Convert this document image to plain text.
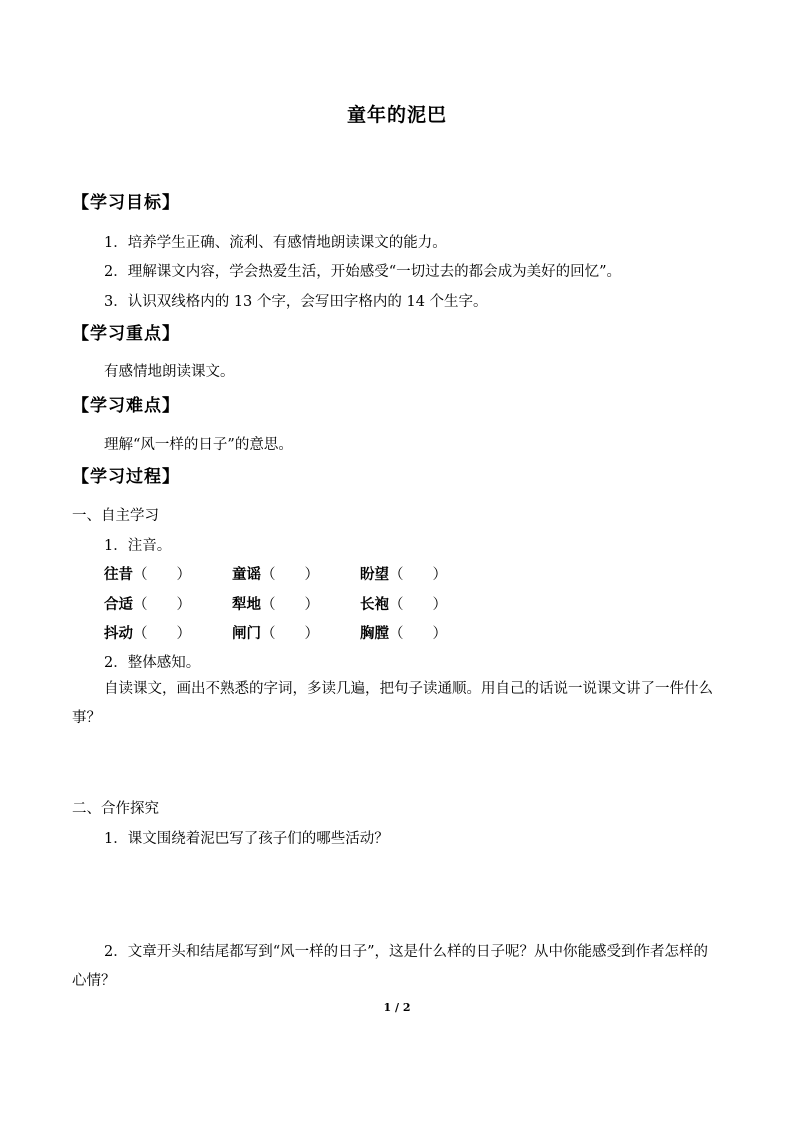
童年的泥巴
【学习目标】
1．培养学生正确、流利、有感情地朗读课文的能力。
2．理解课文内容，学会热爱生活，开始感受“一切过去的都会成为美好的回忆”。
3．认识双线格内的 13 个字，会写田字格内的 14 个生字。
【学习重点】
有感情地朗读课文。
【学习难点】
理解“风一样的日子”的意思。
【学习过程】
一、自主学习
1．注音。
往昔（　　）	童谣（　　）	盼望（　　）
合适（　　）	犁地（　　）	长袍（　　）
抖动（　　）	闸门（　　）	胸膛（　　）
2．整体感知。
自读课文，画出不熟悉的字词，多读几遍，把句子读通顺。用自己的话说一说课文讲了一件什么事？
二、合作探究
1．课文围绕着泥巴写了孩子们的哪些活动？
2．文章开头和结尾都写到“风一样的日子”，这是什么样的日子呢？从中你能感受到作者怎样的心情？
1 / 2
